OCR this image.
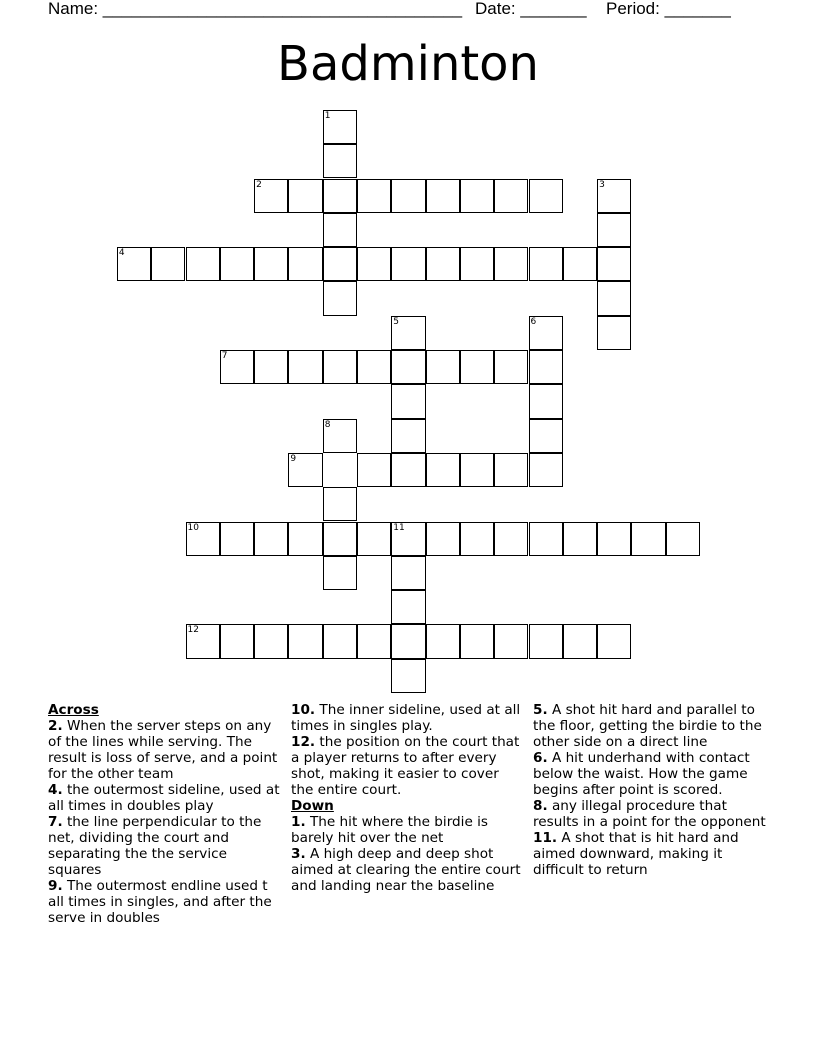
Name: ______________________________________ Date: _______ Period: _______
Badminton
1
2	3
4
7
5	6
8
9
10	11
12

Across

2. When the server steps on any of the lines while serving. The result is loss of serve, and a point for the other team

4. the outermost sideline, used at all times in doubles play

7. the line perpendicular to the net, dividing the court and separating the the service squares

9. The outermost endline used t all times in singles, and after the serve in doubles

10. The inner sideline, used at all times in singles play.

12. the position on the court that a player returns to after every shot, making it easier to cover the entire court.

Down

1. The hit where the birdie is barely hit over the net

3. A high deep and deep shot aimed at clearing the entire court and landing near the baseline

5. A shot hit hard and parallel to the floor, getting the birdie to the other side on a direct line

6. A hit underhand with contact below the waist. How the game begins after point is scored.

8. any illegal procedure that results in a point for the opponent

11. A shot that is hit hard and aimed downward, making it difficult to return
